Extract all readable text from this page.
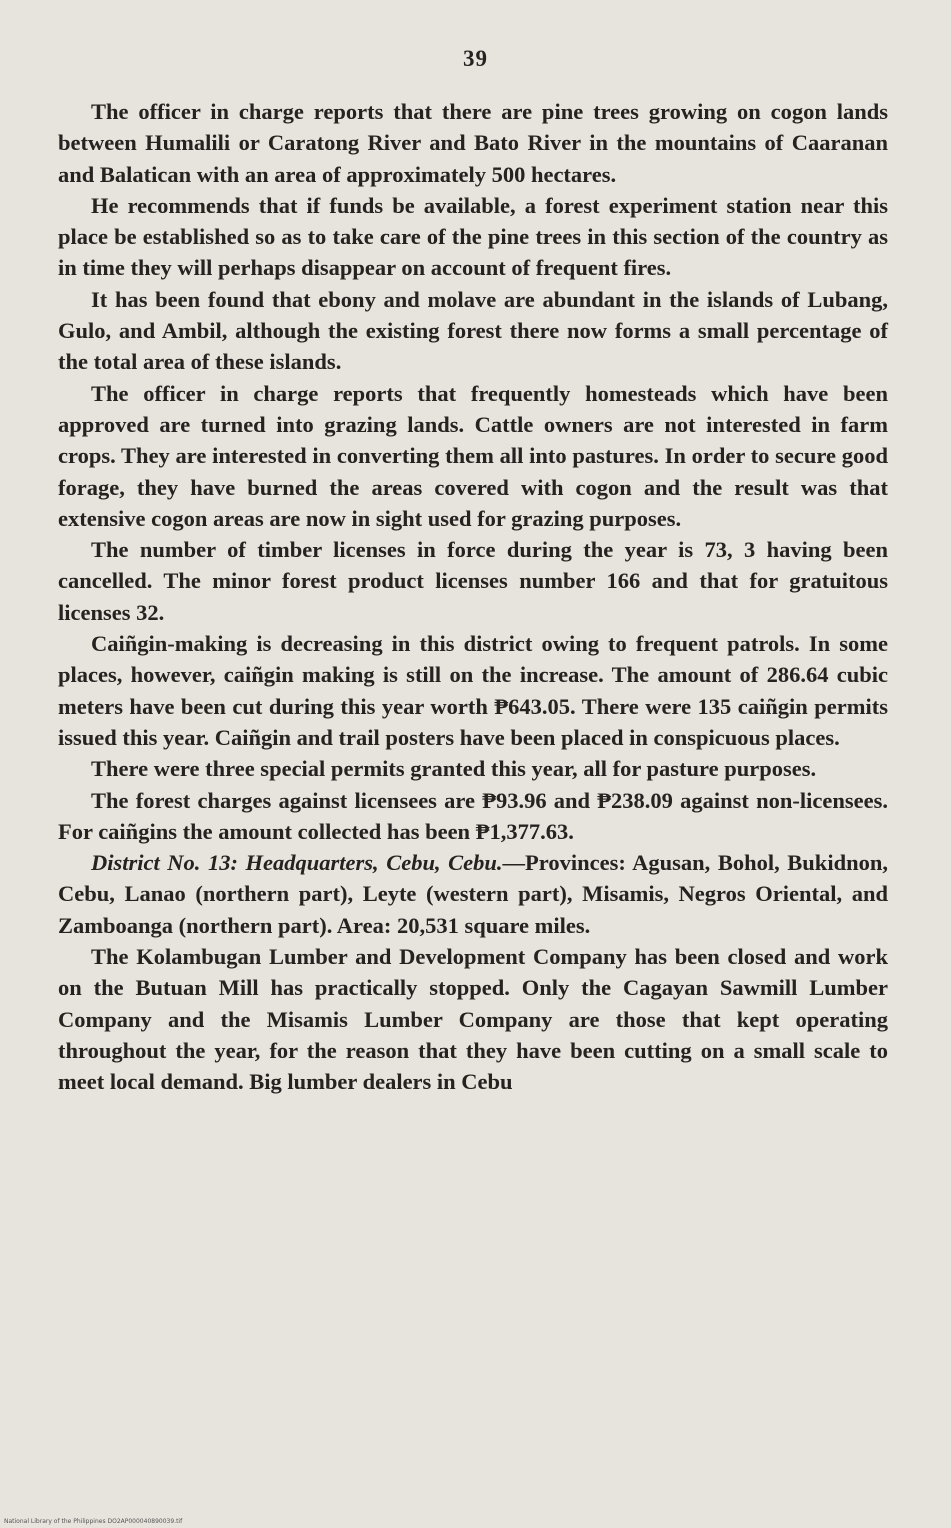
39

The officer in charge reports that there are pine trees growing on cogon lands between Humalili or Caratong River and Bato River in the mountains of Caaranan and Balatican with an area of approximately 500 hectares.

He recommends that if funds be available, a forest experiment station near this place be established so as to take care of the pine trees in this section of the country as in time they will perhaps disappear on account of frequent fires.

It has been found that ebony and molave are abundant in the islands of Lubang, Gulo, and Ambil, although the existing forest there now forms a small percentage of the total area of these islands.

The officer in charge reports that frequently homesteads which have been approved are turned into grazing lands. Cattle owners are not interested in farm crops. They are interested in converting them all into pastures. In order to secure good forage, they have burned the areas covered with cogon and the result was that extensive cogon areas are now in sight used for grazing purposes.

The number of timber licenses in force during the year is 73, 3 having been cancelled. The minor forest product licenses number 166 and that for gratuitous licenses 32.

Caiñgin-making is decreasing in this district owing to frequent patrols. In some places, however, caiñgin making is still on the increase. The amount of 286.64 cubic meters have been cut during this year worth ₱643.05. There were 135 caiñgin permits issued this year. Caiñgin and trail posters have been placed in conspicuous places.

There were three special permits granted this year, all for pasture purposes.

The forest charges against licensees are ₱93.96 and ₱238.09 against non-licensees. For caiñgins the amount collected has been ₱1,377.63.

District No. 13: Headquarters, Cebu, Cebu.—Provinces: Agusan, Bohol, Bukidnon, Cebu, Lanao (northern part), Leyte (western part), Misamis, Negros Oriental, and Zamboanga (northern part). Area: 20,531 square miles.

The Kolambugan Lumber and Development Company has been closed and work on the Butuan Mill has practically stopped. Only the Cagayan Sawmill Lumber Company and the Misamis Lumber Company are those that kept operating throughout the year, for the reason that they have been cutting on a small scale to meet local demand. Big lumber dealers in Cebu

National Library of the Philippines DO2AP000040890039.tif
